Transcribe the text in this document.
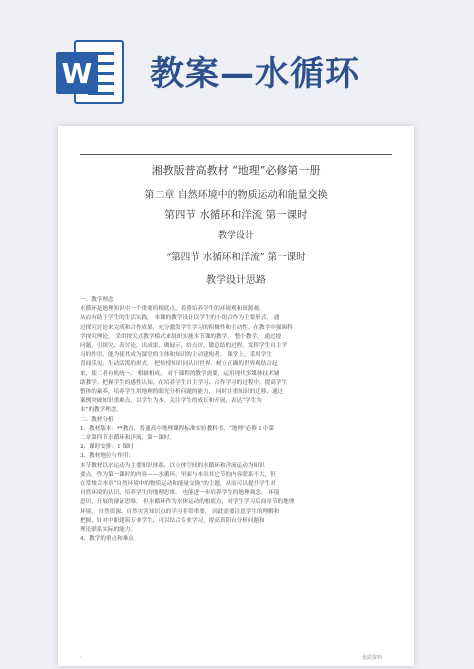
W 教案—水循环
湘教版普高教材 “地理”必修第一册
第二章 自然环境中的物质运动和能量交换
第四节 水循环和洋流 第一课时
教学设计
“第四节 水循环和洋流” 第一课时
教学设计思路

一、教学理念

水循环是地理知识中一个重要的根底点，着重培养学生的环境观和资源观，

从而有助于学生的生活实践。 本课的教学设计以学生的小组合作为主要形式， 通

过探究讨论来完成和合作成果，充分激发学生学习的积极性和主动性。在教学中强调科

学探究理论， 采用探究式教学模式来组织实施本节课的教学， 整个教学， 通过提

问题，引探究，表讨论，出成果，做展示，给点评，做总结的过程，发挥学生自主学

习的作用，能为使其成为课堂的主体和知识的主动建构者。 课堂上，采用学生

喜闻乐见、生动活泼的形式， 把传授知识同认识世界、树立正确的世界观结合起

来，使二者有机统一、 相辅相成。 对于课程的教学需要，运用现代多媒体技术辅

助教学；把握学生的感性认知，在培养学生自主学习、合作学习的过程中，提高学生

整体的素养，培养学生用地理的眼光分析问题的能力， 同时注重知识的迁移，通过

案例突破知识重难点，以学生为本，关注学生的成长和开展，表达“学生为

本”的教学理念。

二、教材分析

1、教材版本：**教育，普通高中地理课程标准实验教科书，“地理”必修 Ⅰ 中第

二章第四节水循环和洋流，第一课时。

2、课时安排：1 课时

3、教材地位与作用：

本节教材以水运动为主要知识体系，以立体空间的水循环和洋流运动为知识

要点。作为第一课时的内容——水循环，里面与本章其它节的内容联系不大，但

在常规合本章“自然环境中的物质运动和能量交换”的主题，从而可以提升学生对

自然环境的认识，培养学生的地理思维。 也能进一步培养学生的地理观念、 环境

意识、开展的辩证思维。 但水循环作为水体运动的根底点，对学生学习后面章节的地理

环境、 自然资源、自然灾害知识点的学习非常重要， 因此需要注意学生的理解和

把握，针对中职建筑专业学生，可以结合专业学习，提高真阳台分析问题和

理论联系实际的能力。

4、教学的重点和难点

·	优质资料
